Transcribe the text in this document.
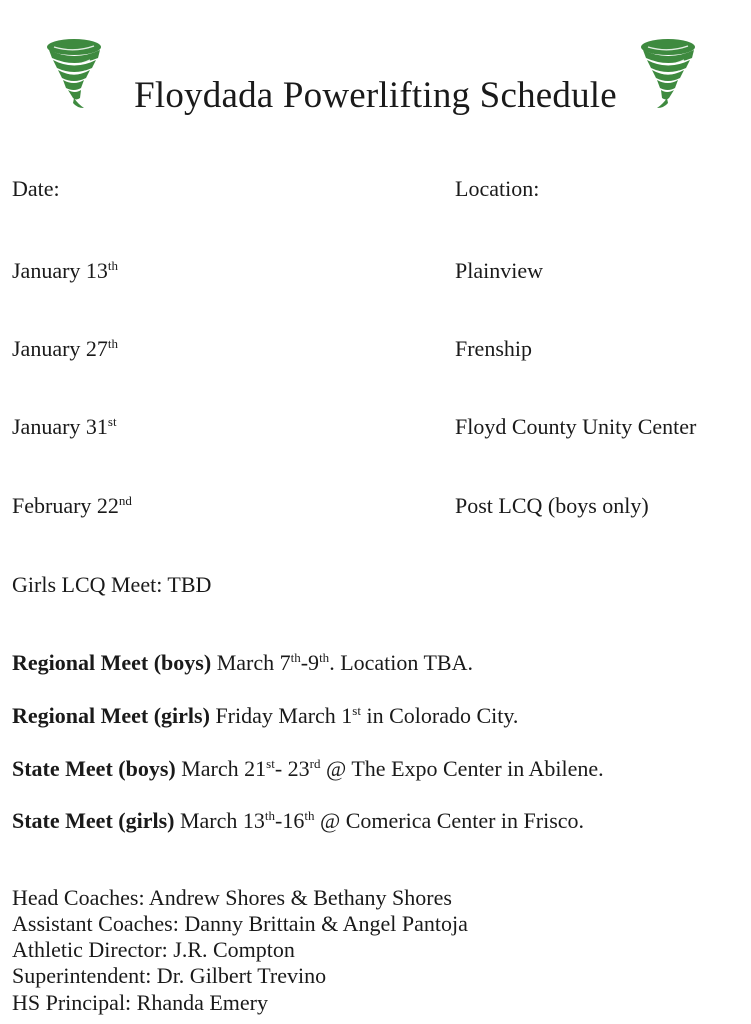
Floydada Powerlifting Schedule
Date:	Location:
January 13th	Plainview
January 27th	Frenship
January 31st	Floyd County Unity Center
February 22nd	Post LCQ (boys only)
Girls LCQ Meet: TBD
Regional Meet (boys) March 7th-9th. Location TBA.
Regional Meet (girls) Friday March 1st in Colorado City.
State Meet (boys) March 21st- 23rd @ The Expo Center in Abilene.
State Meet (girls) March 13th-16th @ Comerica Center in Frisco.
Head Coaches: Andrew Shores & Bethany Shores
Assistant Coaches: Danny Brittain & Angel Pantoja
Athletic Director: J.R. Compton
Superintendent: Dr. Gilbert Trevino
HS Principal: Rhanda Emery
